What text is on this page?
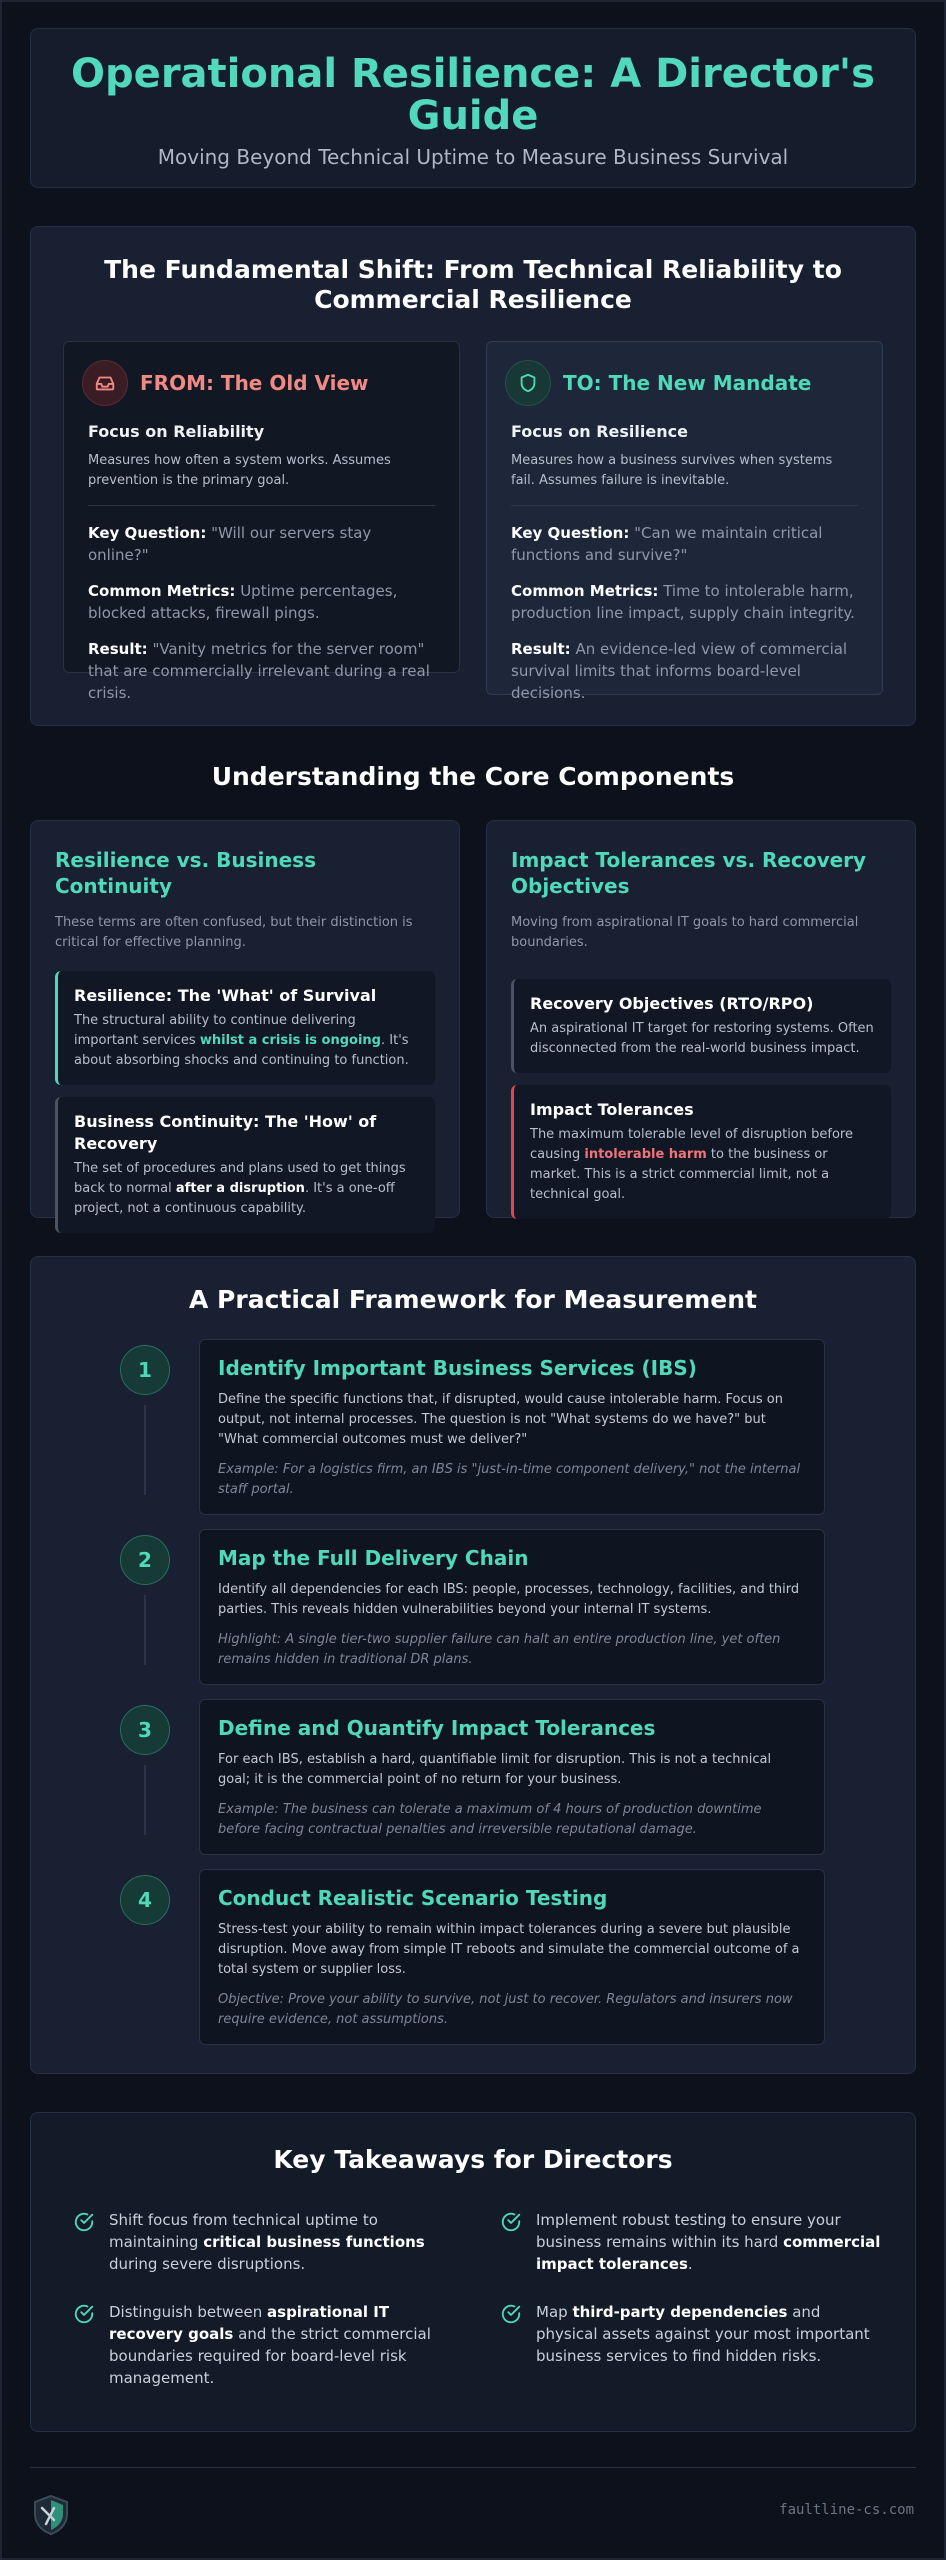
Operational Resilience: A Director's Guide
Moving Beyond Technical Uptime to Measure Business Survival
The Fundamental Shift: From Technical Reliability to Commercial Resilience
FROM: The Old View
Focus on Reliability
Measures how often a system works. Assumes prevention is the primary goal.
Key Question: "Will our servers stay online?"
Common Metrics: Uptime percentages, blocked attacks, firewall pings.
Result: "Vanity metrics for the server room" that are commercially irrelevant during a real crisis.
TO: The New Mandate
Focus on Resilience
Measures how a business survives when systems fail. Assumes failure is inevitable.
Key Question: "Can we maintain critical functions and survive?"
Common Metrics: Time to intolerable harm, production line impact, supply chain integrity.
Result: An evidence-led view of commercial survival limits that informs board-level decisions.
Understanding the Core Components
Resilience vs. Business Continuity
These terms are often confused, but their distinction is critical for effective planning.
Resilience: The 'What' of Survival
The structural ability to continue delivering important services whilst a crisis is ongoing. It's about absorbing shocks and continuing to function.
Business Continuity: The 'How' of Recovery
The set of procedures and plans used to get things back to normal after a disruption. It's a one-off project, not a continuous capability.
Impact Tolerances vs. Recovery Objectives
Moving from aspirational IT goals to hard commercial boundaries.
Recovery Objectives (RTO/RPO)
An aspirational IT target for restoring systems. Often disconnected from the real-world business impact.
Impact Tolerances
The maximum tolerable level of disruption before causing intolerable harm to the business or market. This is a strict commercial limit, not a technical goal.
A Practical Framework for Measurement
1	Identify Important Business Services (IBS)
Define the specific functions that, if disrupted, would cause intolerable harm. Focus on output, not internal processes. The question is not "What systems do we have?" but "What commercial outcomes must we deliver?"
Example: For a logistics firm, an IBS is "just-in-time component delivery," not the internal staff portal.
2	Map the Full Delivery Chain
Identify all dependencies for each IBS: people, processes, technology, facilities, and third parties. This reveals hidden vulnerabilities beyond your internal IT systems.
Highlight: A single tier-two supplier failure can halt an entire production line, yet often remains hidden in traditional DR plans.
3	Define and Quantify Impact Tolerances
For each IBS, establish a hard, quantifiable limit for disruption. This is not a technical goal; it is the commercial point of no return for your business.
Example: The business can tolerate a maximum of 4 hours of production downtime before facing contractual penalties and irreversible reputational damage.
4	Conduct Realistic Scenario Testing
Stress-test your ability to remain within impact tolerances during a severe but plausible disruption. Move away from simple IT reboots and simulate the commercial outcome of a total system or supplier loss.
Objective: Prove your ability to survive, not just to recover. Regulators and insurers now require evidence, not assumptions.
Key Takeaways for Directors
Shift focus from technical uptime to maintaining critical business functions during severe disruptions.
Implement robust testing to ensure your business remains within its hard commercial impact tolerances.
Distinguish between aspirational IT recovery goals and the strict commercial boundaries required for board-level risk management.
Map third-party dependencies and physical assets against your most important business services to find hidden risks.
faultline-cs.com
